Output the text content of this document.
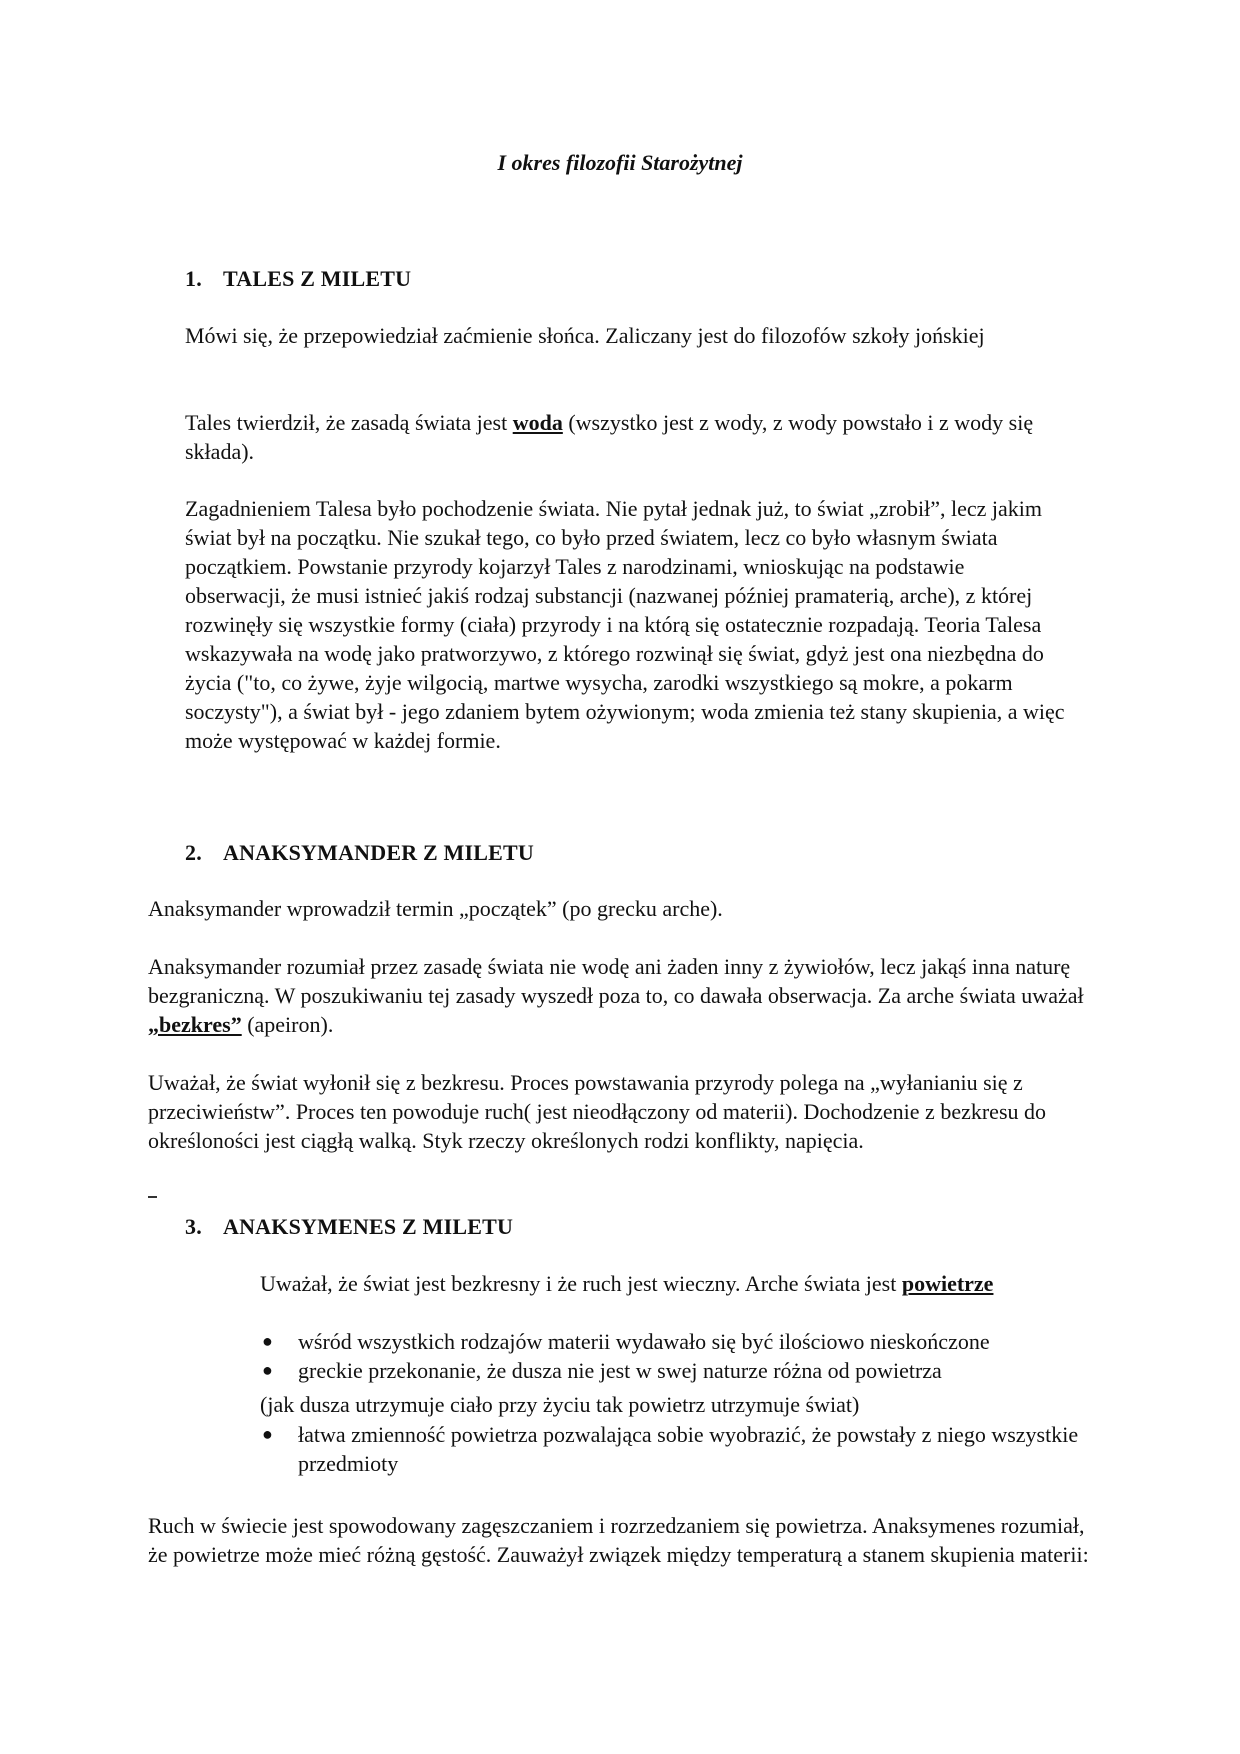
I okres filozofii Starożytnej
1. TALES Z MILETU

Mówi się, że przepowiedział zaćmienie słońca. Zaliczany jest do filozofów szkoły jońskiej

Tales twierdził, że zasadą świata jest woda (wszystko jest z wody, z wody powstało i z wody się składa).

Zagadnieniem Talesa było pochodzenie świata. Nie pytał jednak już, to świat „zrobił”, lecz jakim świat był na początku. Nie szukał tego, co było przed światem, lecz co było własnym świata początkiem. Powstanie przyrody kojarzył Tales z narodzinami, wnioskując na podstawie obserwacji, że musi istnieć jakiś rodzaj substancji (nazwanej później pramaterią, arche), z której rozwinęły się wszystkie formy (ciała) przyrody i na którą się ostatecznie rozpadają. Teoria Talesa wskazywała na wodę jako pratworzywo, z którego rozwinął się świat, gdyż jest ona niezbędna do życia ("to, co żywe, żyje wilgocią, martwe wysycha, zarodki wszystkiego są mokre, a pokarm soczysty"), a świat był - jego zdaniem bytem ożywionym; woda zmienia też stany skupienia, a więc może występować w każdej formie.

2. ANAKSYMANDER Z MILETU

Anaksymander wprowadził termin „początek” (po grecku arche).

Anaksymander rozumiał przez zasadę świata nie wodę ani żaden inny z żywiołów, lecz jakąś inna naturę bezgraniczną. W poszukiwaniu tej zasady wyszedł poza to, co dawała obserwacja. Za arche świata uważał „bezkres” (apeiron).

Uważał, że świat wyłonił się z bezkresu. Proces powstawania przyrody polega na „wyłanianiu się z przeciwieństw”. Proces ten powoduje ruch( jest nieodłączony od materii). Dochodzenie z bezkresu do określoności jest ciągłą walką. Styk rzeczy określonych rodzi konflikty, napięcia.

3. ANAKSYMENES Z MILETU

Uważał, że świat jest bezkresny i że ruch jest wieczny. Arche świata jest powietrze

● wśród wszystkich rodzajów materii wydawało się być ilościowo nieskończone
● greckie przekonanie, że dusza nie jest w swej naturze różna od powietrza

(jak dusza utrzymuje ciało przy życiu tak powietrz utrzymuje świat)

● łatwa zmienność powietrza pozwalająca sobie wyobrazić, że powstały z niego wszystkie przedmioty

Ruch w świecie jest spowodowany zagęszczaniem i rozrzedzaniem się powietrza. Anaksymenes rozumiał, że powietrze może mieć różną gęstość. Zauważył związek między temperaturą a stanem skupienia materii:
